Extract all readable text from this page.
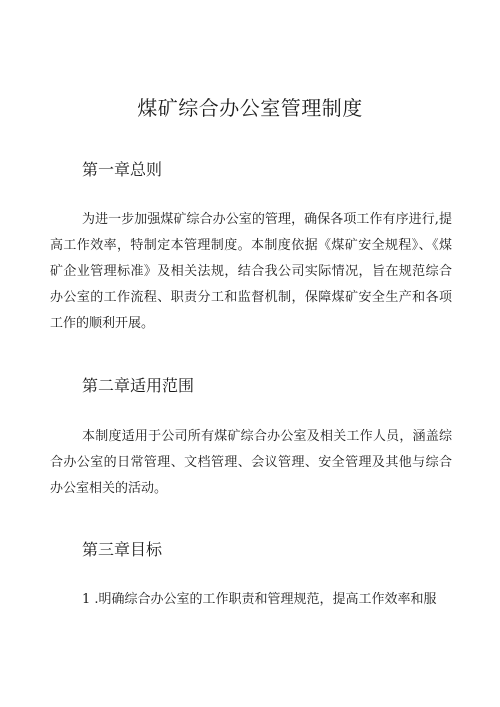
煤矿综合办公室管理制度
第一章总则

为进一步加强煤矿综合办公室的管理，确保各项工作有序进行,提高工作效率，特制定本管理制度。本制度依据《煤矿安全规程》、《煤矿企业管理标准》及相关法规，结合我公司实际情况，旨在规范综合办公室的工作流程、职责分工和监督机制，保障煤矿安全生产和各项工作的顺利开展。

第二章适用范围

本制度适用于公司所有煤矿综合办公室及相关工作人员，涵盖综合办公室的日常管理、文档管理、会议管理、安全管理及其他与综合办公室相关的活动。

第三章目标

1 .明确综合办公室的工作职责和管理规范，提高工作效率和服
